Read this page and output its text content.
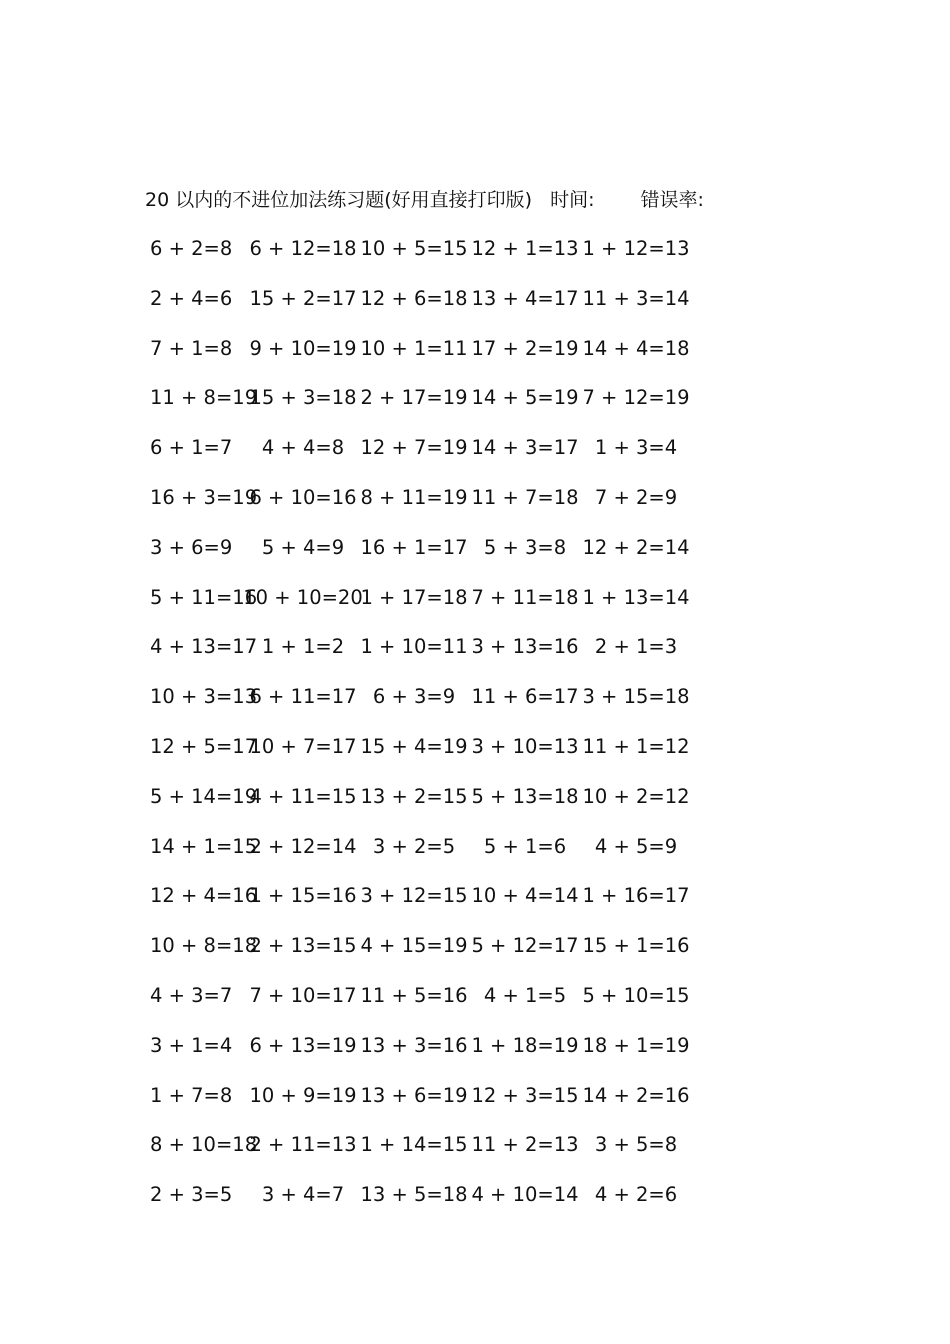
20 以内的不进位加法练习题(好用直接打印版) 时间: 错误率:
6 + 2=8 6 + 12=18 10 + 5=15 12 + 1=13 1 + 12=13
2 + 4=6 15 + 2=17 12 + 6=18 13 + 4=17 11 + 3=14
7 + 1=8 9 + 10=19 10 + 1=11 17 + 2=19 14 + 4=18
11 + 8=19
15 + 3=18 2 + 17=19 14 + 5=19 7 + 12=19
6 + 1=7 4 + 4=8 12 + 7=19 14 + 3=17 1 + 3=4
16 + 3=19
6 + 10=16 8 + 11=19 11 + 7=18 7 + 2=9
3 + 6=9 5 + 4=9 16 + 1=17 5 + 3=8 12 + 2=14
5 + 11=16
10 + 10=20
1 + 17=18 7 + 11=18 1 + 13=14
4 + 13=17 1 + 1=2 1 + 10=11 3 + 13=16 2 + 1=3
10 + 3=13
6 + 11=17 6 + 3=9 11 + 6=17 3 + 15=18
12 + 5=17
10 + 7=17 15 + 4=19 3 + 10=13 11 + 1=12
5 + 14=19
4 + 11=15 13 + 2=15 5 + 13=18 10 + 2=12
14 + 1=15
2 + 12=14 3 + 2=5 5 + 1=6 4 + 5=9
12 + 4=16
1 + 15=16 3 + 12=15 10 + 4=14 1 + 16=17
10 + 8=18
2 + 13=15 4 + 15=19 5 + 12=17 15 + 1=16
4 + 3=7 7 + 10=17 11 + 5=16 4 + 1=5 5 + 10=15
3 + 1=4 6 + 13=19 13 + 3=16 1 + 18=19 18 + 1=19
1 + 7=8 10 + 9=19 13 + 6=19 12 + 3=15 14 + 2=16
8 + 10=18
2 + 11=13 1 + 14=15 11 + 2=13 3 + 5=8
2 + 3=5 3 + 4=7 13 + 5=18 4 + 10=14 4 + 2=6
